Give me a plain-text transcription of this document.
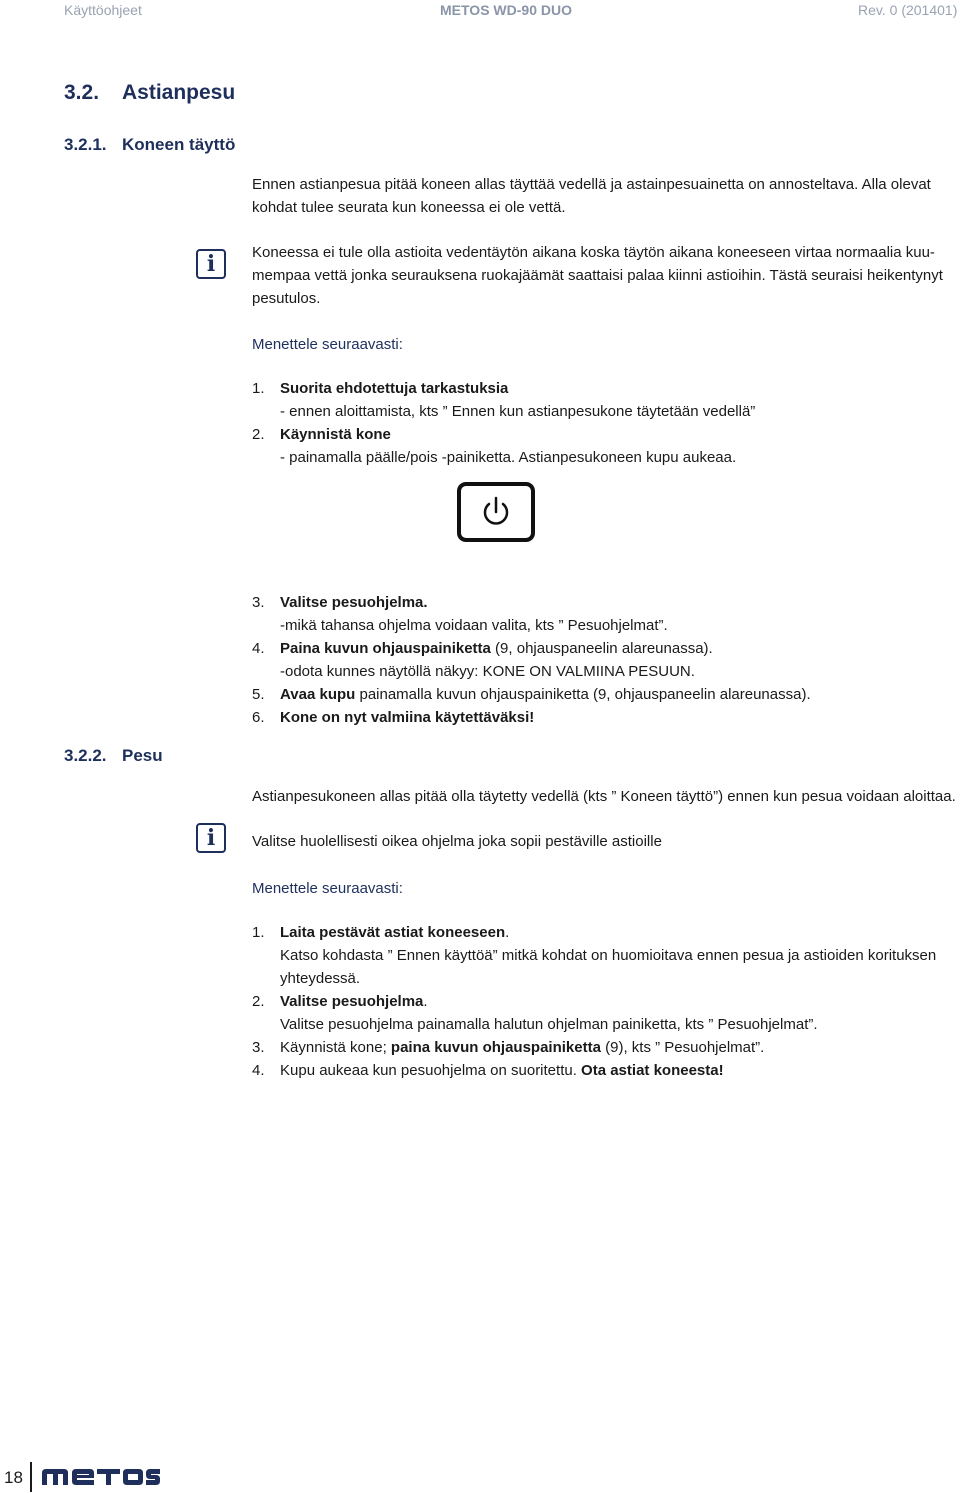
Käyttöohjeet	METOS WD-90 DUO	Rev. 0 (201401)
3.2. Astianpesu
3.2.1. Koneen täyttö
Ennen astianpesua pitää koneen allas täyttää vedellä ja astainpesuainetta on annosteltava. Alla olevat
kohdat tulee seurata kun koneessa ei ole vettä.
i	Koneessa ei tule olla astioita vedentäytön aikana koska täytön aikana koneeseen virtaa normaalia kuu-
mempaa vettä jonka seurauksena ruokajäämät saattaisi palaa kiinni astioihin. Tästä seuraisi heikentynyt
pesutulos.
Menettele seuraavasti:
1. Suorita ehdotettuja tarkastuksia
- ennen aloittamista, kts ” Ennen kun astianpesukone täytetään vedellä”
2. Käynnistä kone
- painamalla päälle/pois -painiketta. Astianpesukoneen kupu aukeaa.
3. Valitse pesuohjelma.
-mikä tahansa ohjelma voidaan valita, kts ” Pesuohjelmat”.
4. Paina kuvun ohjauspainiketta (9, ohjauspaneelin alareunassa).
-odota kunnes näytöllä näkyy: KONE ON VALMIINA PESUUN.
5. Avaa kupu painamalla kuvun ohjauspainiketta (9, ohjauspaneelin alareunassa).
6. Kone on nyt valmiina käytettäväksi!
3.2.2. Pesu
Astianpesukoneen allas pitää olla täytetty vedellä (kts ” Koneen täyttö”) ennen kun pesua voidaan aloittaa.
i	Valitse huolellisesti oikea ohjelma joka sopii pestäville astioille
Menettele seuraavasti:
1. Laita pestävät astiat koneeseen.
Katso kohdasta ” Ennen käyttöä” mitkä kohdat on huomioitava ennen pesua ja astioiden korituksen
yhteydessä.
2. Valitse pesuohjelma.
Valitse pesuohjelma painamalla halutun ohjelman painiketta, kts ” Pesuohjelmat”.
3. Käynnistä kone; paina kuvun ohjauspainiketta (9), kts ” Pesuohjelmat”.
4. Kupu aukeaa kun pesuohjelma on suoritettu. Ota astiat koneesta!
18
